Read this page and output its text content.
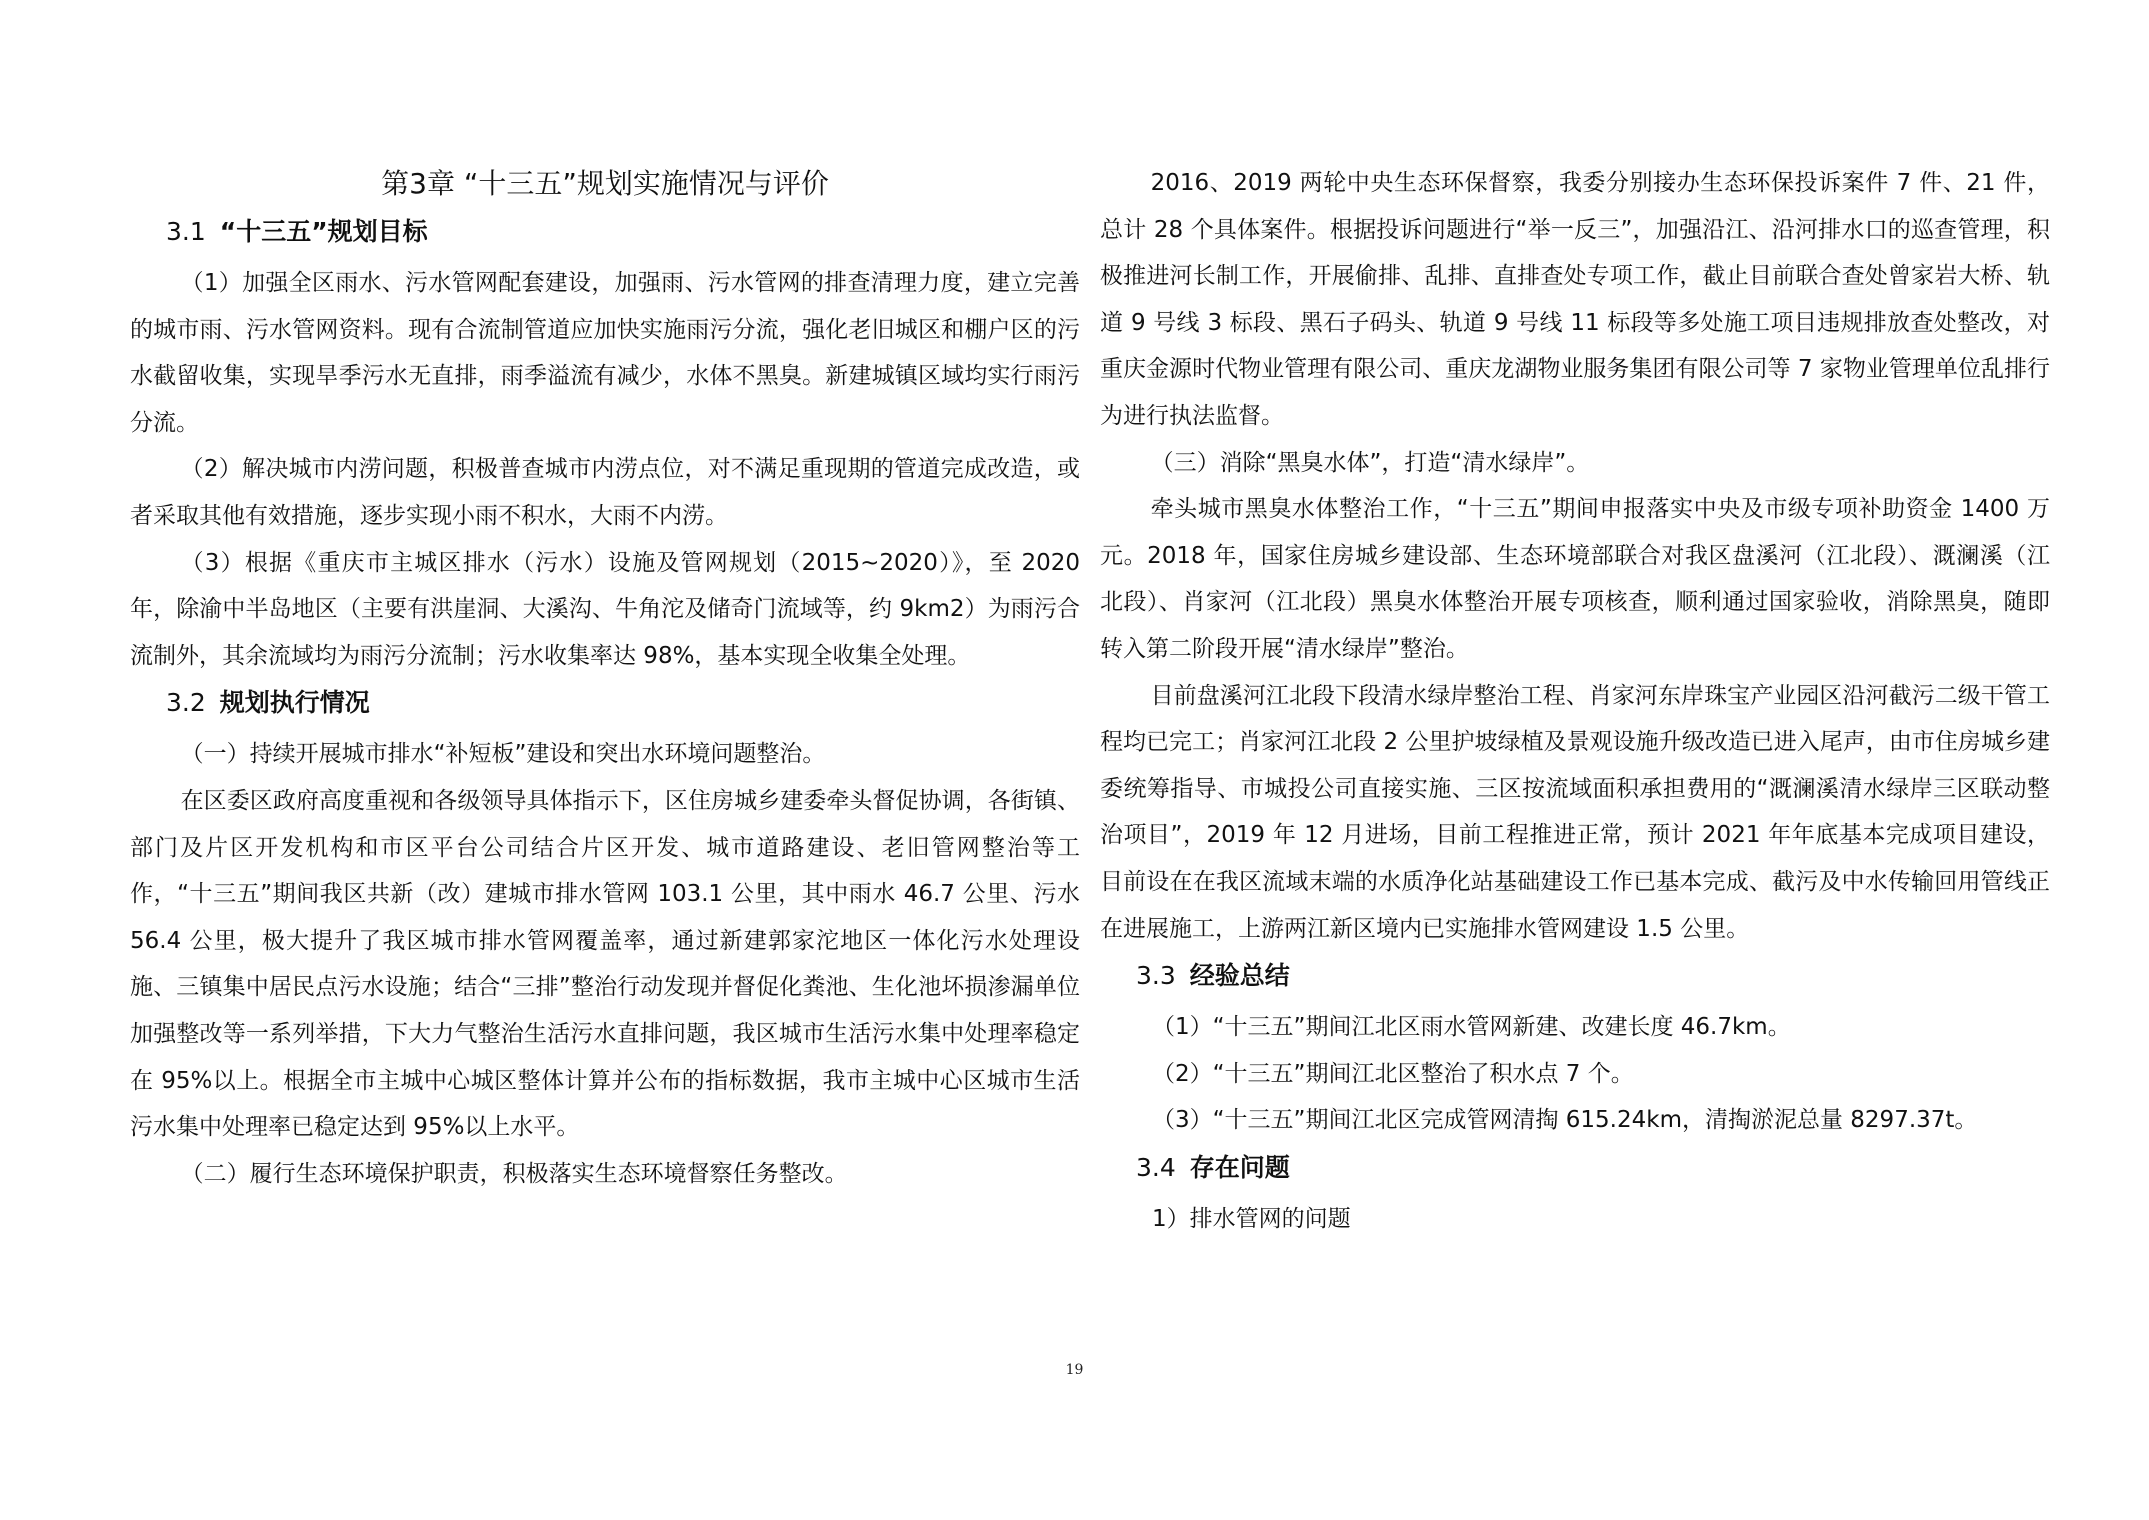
第3章 “十三五”规划实施情况与评价
3.1 “十三五”规划目标

（1）加强全区雨水、污水管网配套建设，加强雨、污水管网的排查清理力度，建立完善的城市雨、污水管网资料。现有合流制管道应加快实施雨污分流，强化老旧城区和棚户区的污水截留收集，实现旱季污水无直排，雨季溢流有减少，水体不黑臭。新建城镇区域均实行雨污分流。

（2）解决城市内涝问题，积极普查城市内涝点位，对不满足重现期的管道完成改造，或者采取其他有效措施，逐步实现小雨不积水，大雨不内涝。

（3）根据《重庆市主城区排水（污水）设施及管网规划（2015~2020）》，至 2020 年，除渝中半岛地区（主要有洪崖洞、大溪沟、牛角沱及储奇门流域等，约 9km2）为雨污合流制外，其余流域均为雨污分流制；污水收集率达 98%，基本实现全收集全处理。

3.2 规划执行情况

（一）持续开展城市排水“补短板”建设和突出水环境问题整治。

在区委区政府高度重视和各级领导具体指示下，区住房城乡建委牵头督促协调，各街镇、部门及片区开发机构和市区平台公司结合片区开发、城市道路建设、老旧管网整治等工作，“十三五”期间我区共新（改）建城市排水管网 103.1 公里，其中雨水 46.7 公里、污水 56.4 公里，极大提升了我区城市排水管网覆盖率，通过新建郭家沱地区一体化污水处理设施、三镇集中居民点污水设施；结合“三排”整治行动发现并督促化粪池、生化池坏损渗漏单位加强整改等一系列举措，下大力气整治生活污水直排问题，我区城市生活污水集中处理率稳定在 95%以上。根据全市主城中心城区整体计算并公布的指标数据，我市主城中心区城市生活污水集中处理率已稳定达到 95%以上水平。

（二）履行生态环境保护职责，积极落实生态环境督察任务整改。

2016、2019 两轮中央生态环保督察，我委分别接办生态环保投诉案件 7 件、21 件，总计 28 个具体案件。根据投诉问题进行“举一反三”，加强沿江、沿河排水口的巡查管理，积极推进河长制工作，开展偷排、乱排、直排查处专项工作，截止目前联合查处曾家岩大桥、轨道 9 号线 3 标段、黑石子码头、轨道 9 号线 11 标段等多处施工项目违规排放查处整改，对重庆金源时代物业管理有限公司、重庆龙湖物业服务集团有限公司等 7 家物业管理单位乱排行为进行执法监督。

（三）消除“黑臭水体”，打造“清水绿岸”。

牵头城市黑臭水体整治工作，“十三五”期间申报落实中央及市级专项补助资金 1400 万元。2018 年，国家住房城乡建设部、生态环境部联合对我区盘溪河（江北段）、溉澜溪（江北段）、肖家河（江北段）黑臭水体整治开展专项核查，顺利通过国家验收，消除黑臭，随即转入第二阶段开展“清水绿岸”整治。

目前盘溪河江北段下段清水绿岸整治工程、肖家河东岸珠宝产业园区沿河截污二级干管工程均已完工；肖家河江北段 2 公里护坡绿植及景观设施升级改造已进入尾声，由市住房城乡建委统筹指导、市城投公司直接实施、三区按流域面积承担费用的“溉澜溪清水绿岸三区联动整治项目”，2019 年 12 月进场，目前工程推进正常，预计 2021 年年底基本完成项目建设，目前设在在我区流域末端的水质净化站基础建设工作已基本完成、截污及中水传输回用管线正在进展施工，上游两江新区境内已实施排水管网建设 1.5 公里。

3.3 经验总结

（1）“十三五”期间江北区雨水管网新建、改建长度 46.7km。

（2）“十三五”期间江北区整治了积水点 7 个。

（3）“十三五”期间江北区完成管网清掏 615.24km，清掏淤泥总量 8297.37t。

3.4 存在问题

1）排水管网的问题

19
